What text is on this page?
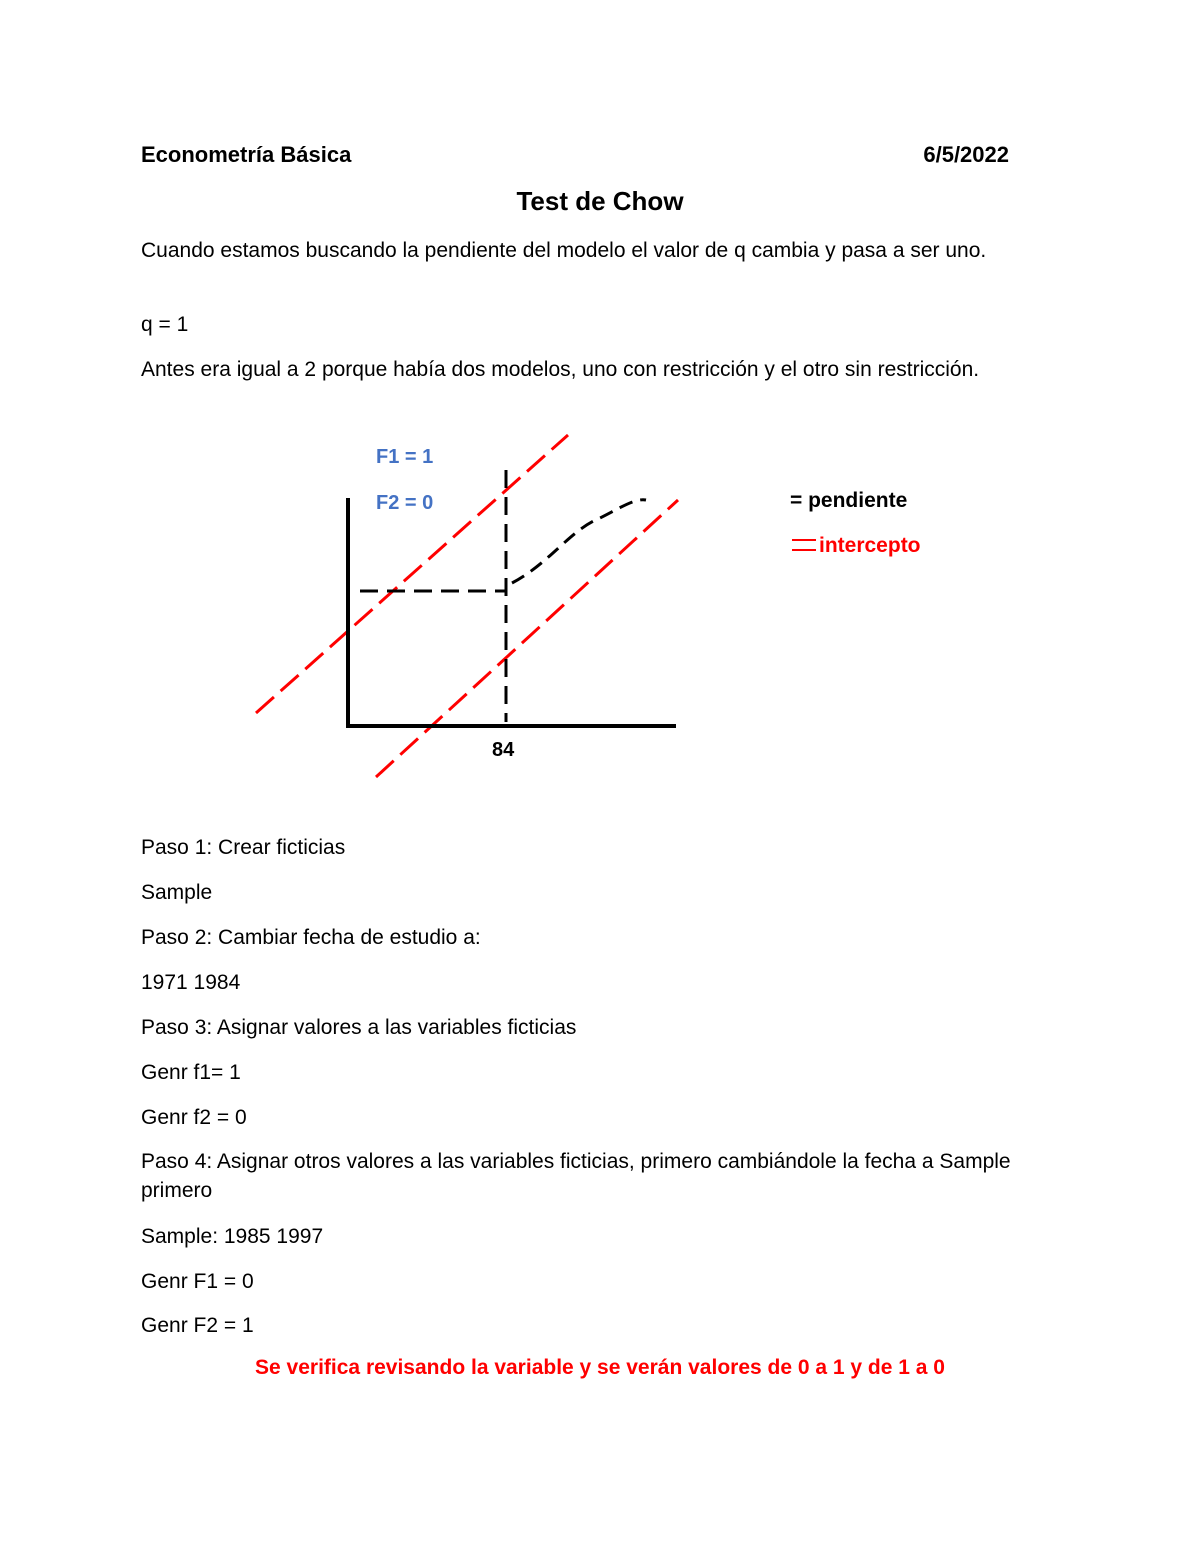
Econometría Básica	6/5/2022
Test de Chow
Cuando estamos buscando la pendiente del modelo el valor de q cambia y pasa a ser uno.
q = 1
Antes era igual a 2 porque había dos modelos, uno con restricción y el otro sin restricción.
F1 = 1
F2 = 0
84
= pendiente
intercepto
Paso 1: Crear ficticias
Sample
Paso 2: Cambiar fecha de estudio a:
1971 1984
Paso 3: Asignar valores a las variables ficticias
Genr f1= 1
Genr f2 = 0
Paso 4: Asignar otros valores a las variables ficticias, primero cambiándole la fecha a Sample primero
Sample: 1985 1997
Genr F1 = 0
Genr F2 = 1
Se verifica revisando la variable y se verán valores de 0 a 1 y de 1 a 0
